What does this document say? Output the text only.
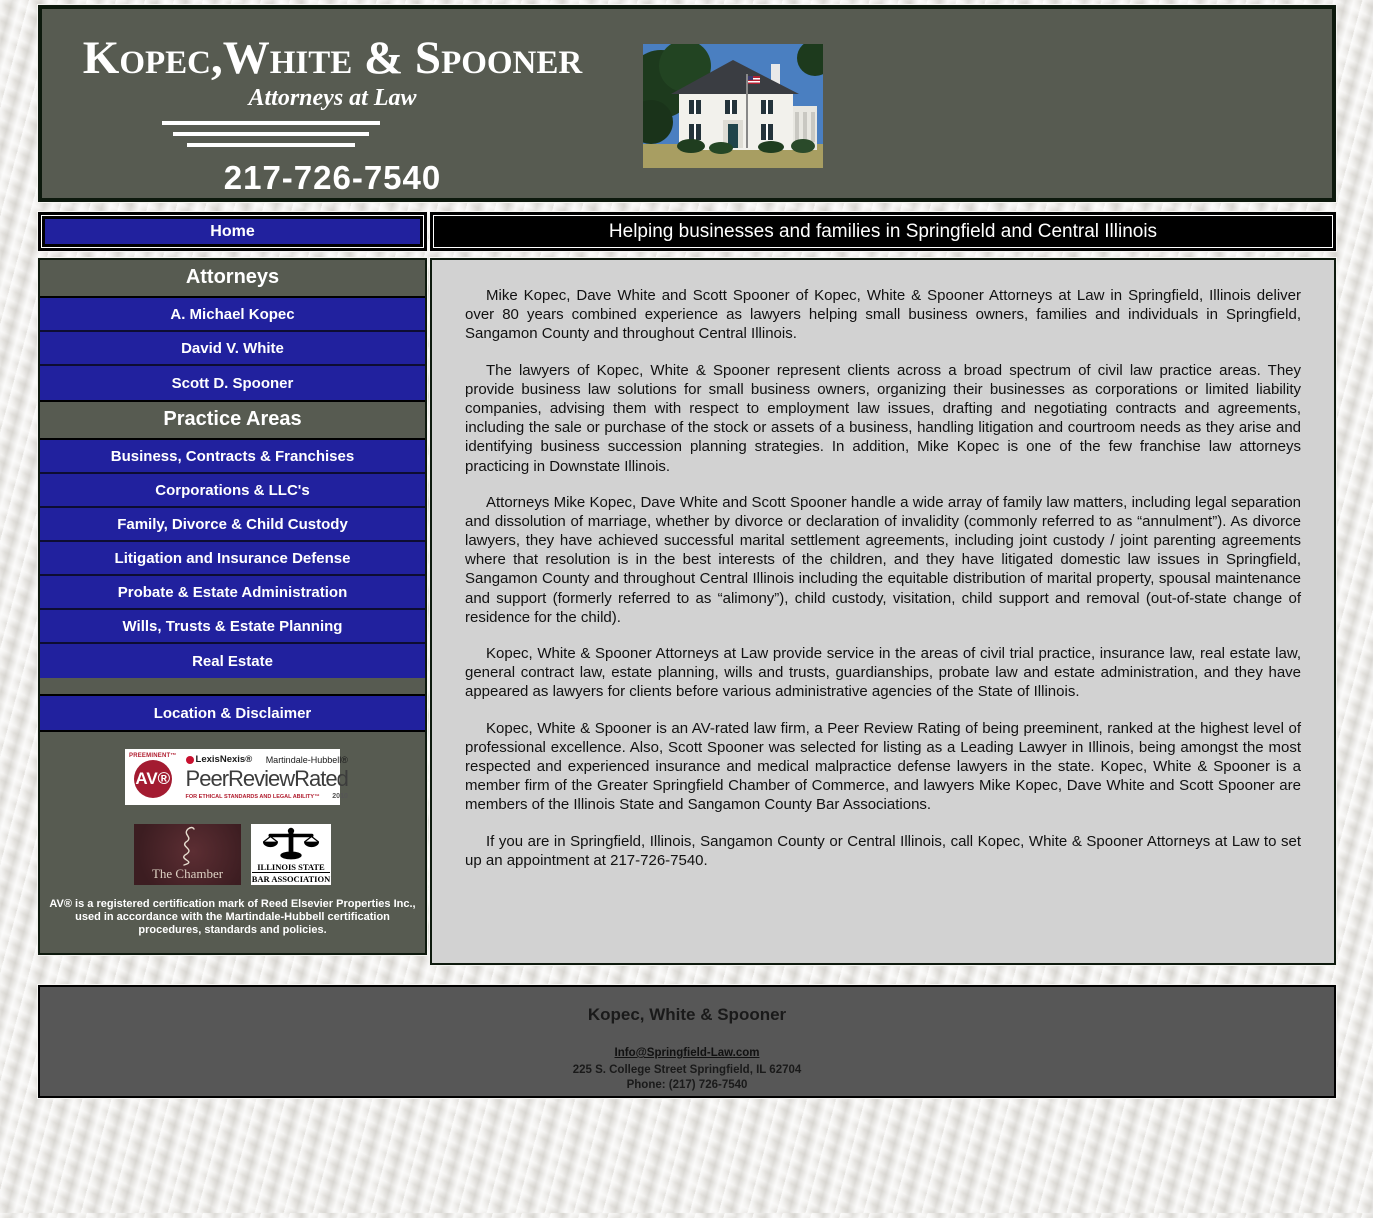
Kopec,White & Spooner
Attorneys at Law
217-726-7540
Home	Helping businesses and families in Springfield and Central Illinois
Attorneys
A. Michael Kopec
David V. White
Scott D. Spooner
Practice Areas
Business, Contracts & Franchises
Corporations & LLC's
Family, Divorce & Child Custody
Litigation and Insurance Defense
Probate & Estate Administration
Wills, Trusts & Estate Planning
Real Estate
Location & Disclaimer
PREEMINENT™
AV®
LexisNexis® Martindale-Hubbell®
PeerReviewRated
FOR ETHICAL STANDARDS AND LEGAL ABILITY™ 2010
The Chamber	ILLINOIS STATE
BAR ASSOCIATION
AV® is a registered certification mark of Reed Elsevier Properties Inc., used in accordance with the Martindale-Hubbell certification procedures, standards and policies.

Mike Kopec, Dave White and Scott Spooner of Kopec, White & Spooner Attorneys at Law in Springfield, Illinois deliver over 80 years combined experience as lawyers helping small business owners, families and individuals in Springfield, Sangamon County and throughout Central Illinois.

The lawyers of Kopec, White & Spooner represent clients across a broad spectrum of civil law practice areas. They provide business law solutions for small business owners, organizing their businesses as corporations or limited liability companies, advising them with respect to employment law issues, drafting and negotiating contracts and agreements, including the sale or purchase of the stock or assets of a business, handling litigation and courtroom needs as they arise and identifying business succession planning strategies. In addition, Mike Kopec is one of the few franchise law attorneys practicing in Downstate Illinois.

Attorneys Mike Kopec, Dave White and Scott Spooner handle a wide array of family law matters, including legal separation and dissolution of marriage, whether by divorce or declaration of invalidity (commonly referred to as “annulment”). As divorce lawyers, they have achieved successful marital settlement agreements, including joint custody / joint parenting agreements where that resolution is in the best interests of the children, and they have litigated domestic law issues in Springfield, Sangamon County and throughout Central Illinois including the equitable distribution of marital property, spousal maintenance and support (formerly referred to as “alimony”), child custody, visitation, child support and removal (out-of-state change of residence for the child).

Kopec, White & Spooner Attorneys at Law provide service in the areas of civil trial practice, insurance law, real estate law, general contract law, estate planning, wills and trusts, guardianships, probate law and estate administration, and they have appeared as lawyers for clients before various administrative agencies of the State of Illinois.

Kopec, White & Spooner is an AV-rated law firm, a Peer Review Rating of being preeminent, ranked at the highest level of professional excellence. Also, Scott Spooner was selected for listing as a Leading Lawyer in Illinois, being amongst the most respected and experienced insurance and medical malpractice defense lawyers in the state. Kopec, White & Spooner is a member firm of the Greater Springfield Chamber of Commerce, and lawyers Mike Kopec, Dave White and Scott Spooner are members of the Illinois State and Sangamon County Bar Associations.

If you are in Springfield, Illinois, Sangamon County or Central Illinois, call Kopec, White & Spooner Attorneys at Law to set up an appointment at 217-726-7540.

Kopec, White & Spooner
Info@Springfield-Law.com
225 S. College Street Springfield, IL 62704
Phone: (217) 726-7540
